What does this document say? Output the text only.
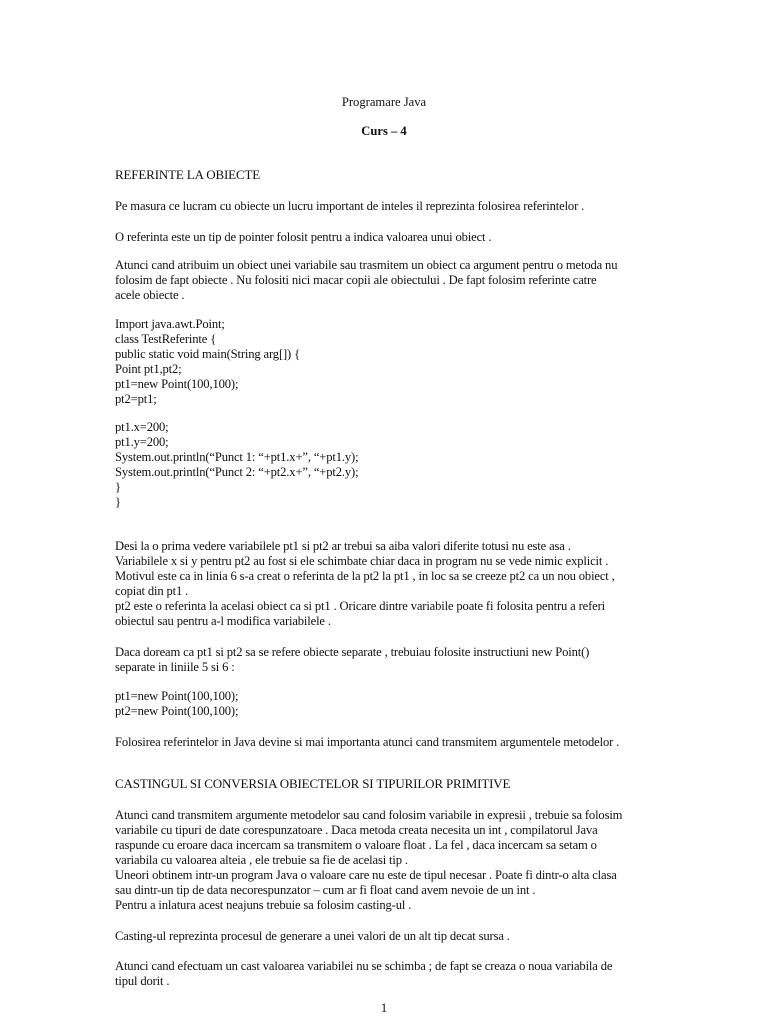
Programare Java
Curs – 4
REFERINTE LA OBIECTE
Pe masura ce lucram cu obiecte un lucru important de inteles il reprezinta folosirea referintelor .
O referinta este un tip de pointer folosit pentru a indica valoarea unui obiect .
Atunci cand atribuim un obiect unei variabile sau trasmitem un obiect ca argument pentru o metoda nu
folosim de fapt obiecte . Nu folositi nici macar copii ale obiectului . De fapt folosim referinte catre
acele obiecte .
Import java.awt.Point;
class TestReferinte {
public static void main(String arg[]) {
Point pt1,pt2;
pt1=new Point(100,100);
pt2=pt1;
pt1.x=200;
pt1.y=200;
System.out.println(“Punct 1: “+pt1.x+”, “+pt1.y);
System.out.println(“Punct 2: “+pt2.x+”, “+pt2.y);
}
}
Desi la o prima vedere variabilele pt1 si pt2 ar trebui sa aiba valori diferite totusi nu este asa .
Variabilele x si y pentru pt2 au fost si ele schimbate chiar daca in program nu se vede nimic explicit .
Motivul este ca in linia 6 s-a creat o referinta de la pt2 la pt1 , in loc sa se creeze pt2 ca un nou obiect ,
copiat din pt1 .
pt2 este o referinta la acelasi obiect ca si pt1 . Oricare dintre variabile poate fi folosita pentru a referi
obiectul sau pentru a-l modifica variabilele .
Daca doream ca pt1 si pt2 sa se refere obiecte separate , trebuiau folosite instructiuni new Point()
separate in liniile 5 si 6 :
pt1=new Point(100,100);
pt2=new Point(100,100);
Folosirea referintelor in Java devine si mai importanta atunci cand transmitem argumentele metodelor .
CASTINGUL SI CONVERSIA OBIECTELOR SI TIPURILOR PRIMITIVE
Atunci cand transmitem argumente metodelor sau cand folosim variabile in expresii , trebuie sa folosim
variabile cu tipuri de date corespunzatoare . Daca metoda creata necesita un int , compilatorul Java
raspunde cu eroare daca incercam sa transmitem o valoare float . La fel , daca incercam sa setam o
variabila cu valoarea alteia , ele trebuie sa fie de acelasi tip .
Uneori obtinem intr-un program Java o valoare care nu este de tipul necesar . Poate fi dintr-o alta clasa
sau dintr-un tip de data necorespunzator – cum ar fi float cand avem nevoie de un int .
Pentru a inlatura acest neajuns trebuie sa folosim casting-ul .
Casting-ul reprezinta procesul de generare a unei valori de un alt tip decat sursa .
Atunci cand efectuam un cast valoarea variabilei nu se schimba ; de fapt se creaza o noua variabila de
tipul dorit .
1
